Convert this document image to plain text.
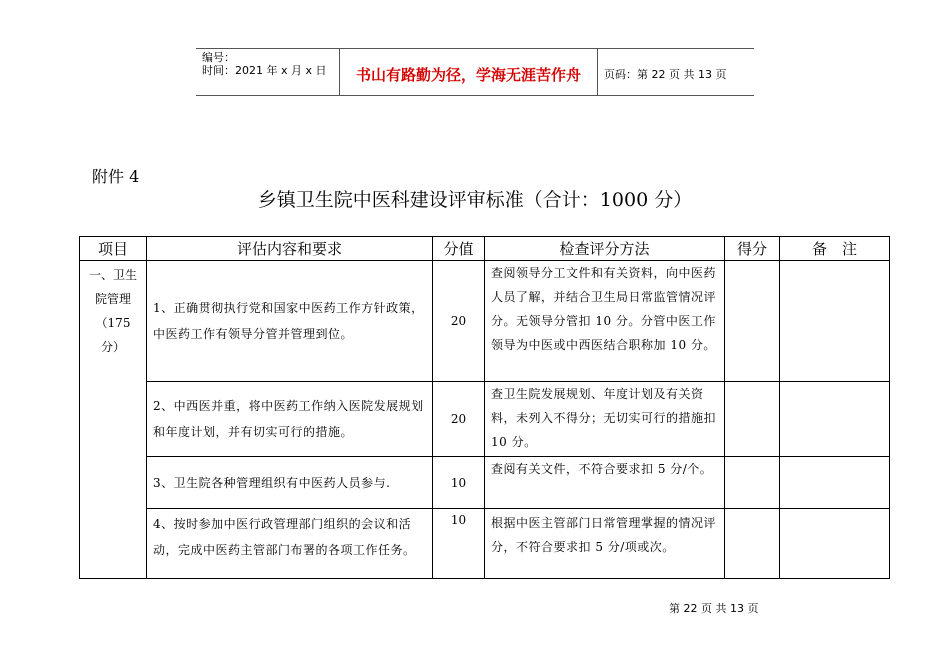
编号：
时间：2021 年 x 月 x 日	书山有路勤为径，学海无涯苦作舟	页码：第 22 页 共 13 页
附件 4
乡镇卫生院中医科建设评审标准（合计：1000 分）
项目	评估内容和要求	分值	检查评分方法	得分	备　注

一、卫生
院管理
（175
分）	1、正确贯彻执行党和国家中医药工作方针政策，中医药工作有领导分管并管理到位。	20	查阅领导分工文件和有关资料，向中医药人员了解，并结合卫生局日常监管情况评分。无领导分管扣 10 分。分管中医工作领导为中医或中西医结合职称加 10 分。		
	2、中西医并重，将中医药工作纳入医院发展规划和年度计划，并有切实可行的措施。	20	查卫生院发展规划、年度计划及有关资料，未列入不得分；无切实可行的措施扣 10 分。		
	3、卫生院各种管理组织有中医药人员参与.	10	查阅有关文件，不符合要求扣 5 分/个。		
	4、按时参加中医行政管理部门组织的会议和活动，完成中医药主管部门布署的各项工作任务。	10	根据中医主管部门日常管理掌握的情况评分，不符合要求扣 5 分/项或次。		
第 22 页 共 13 页
